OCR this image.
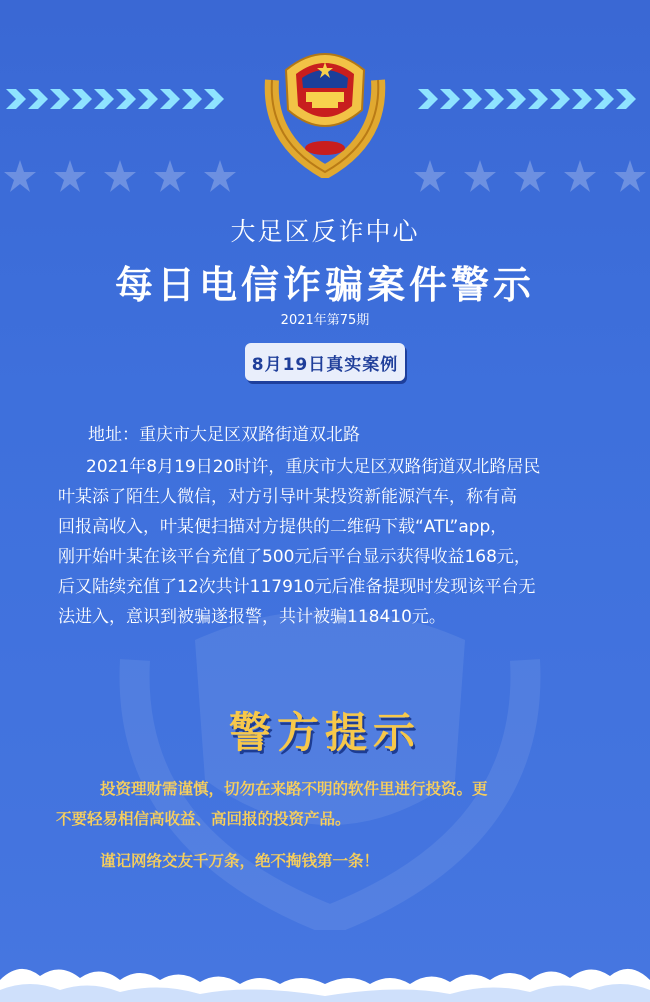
大足区反诈中心
每日电信诈骗案件警示
2021年第75期
8月19日真实案例
地址：重庆市大足区双路街道双北路
2021年8月19日20时许，重庆市大足区双路街道双北路居民
叶某添了陌生人微信，对方引导叶某投资新能源汽车，称有高
回报高收入，叶某便扫描对方提供的二维码下载“ATL”app，
刚开始叶某在该平台充值了500元后平台显示获得收益168元，
后又陆续充值了12次共计117910元后准备提现时发现该平台无
法进入，意识到被骗遂报警，共计被骗118410元。
警方提示
投资理财需谨慎，切勿在来路不明的软件里进行投资。更
不要轻易相信高收益、高回报的投资产品。
谨记网络交友千万条，绝不掏钱第一条！
